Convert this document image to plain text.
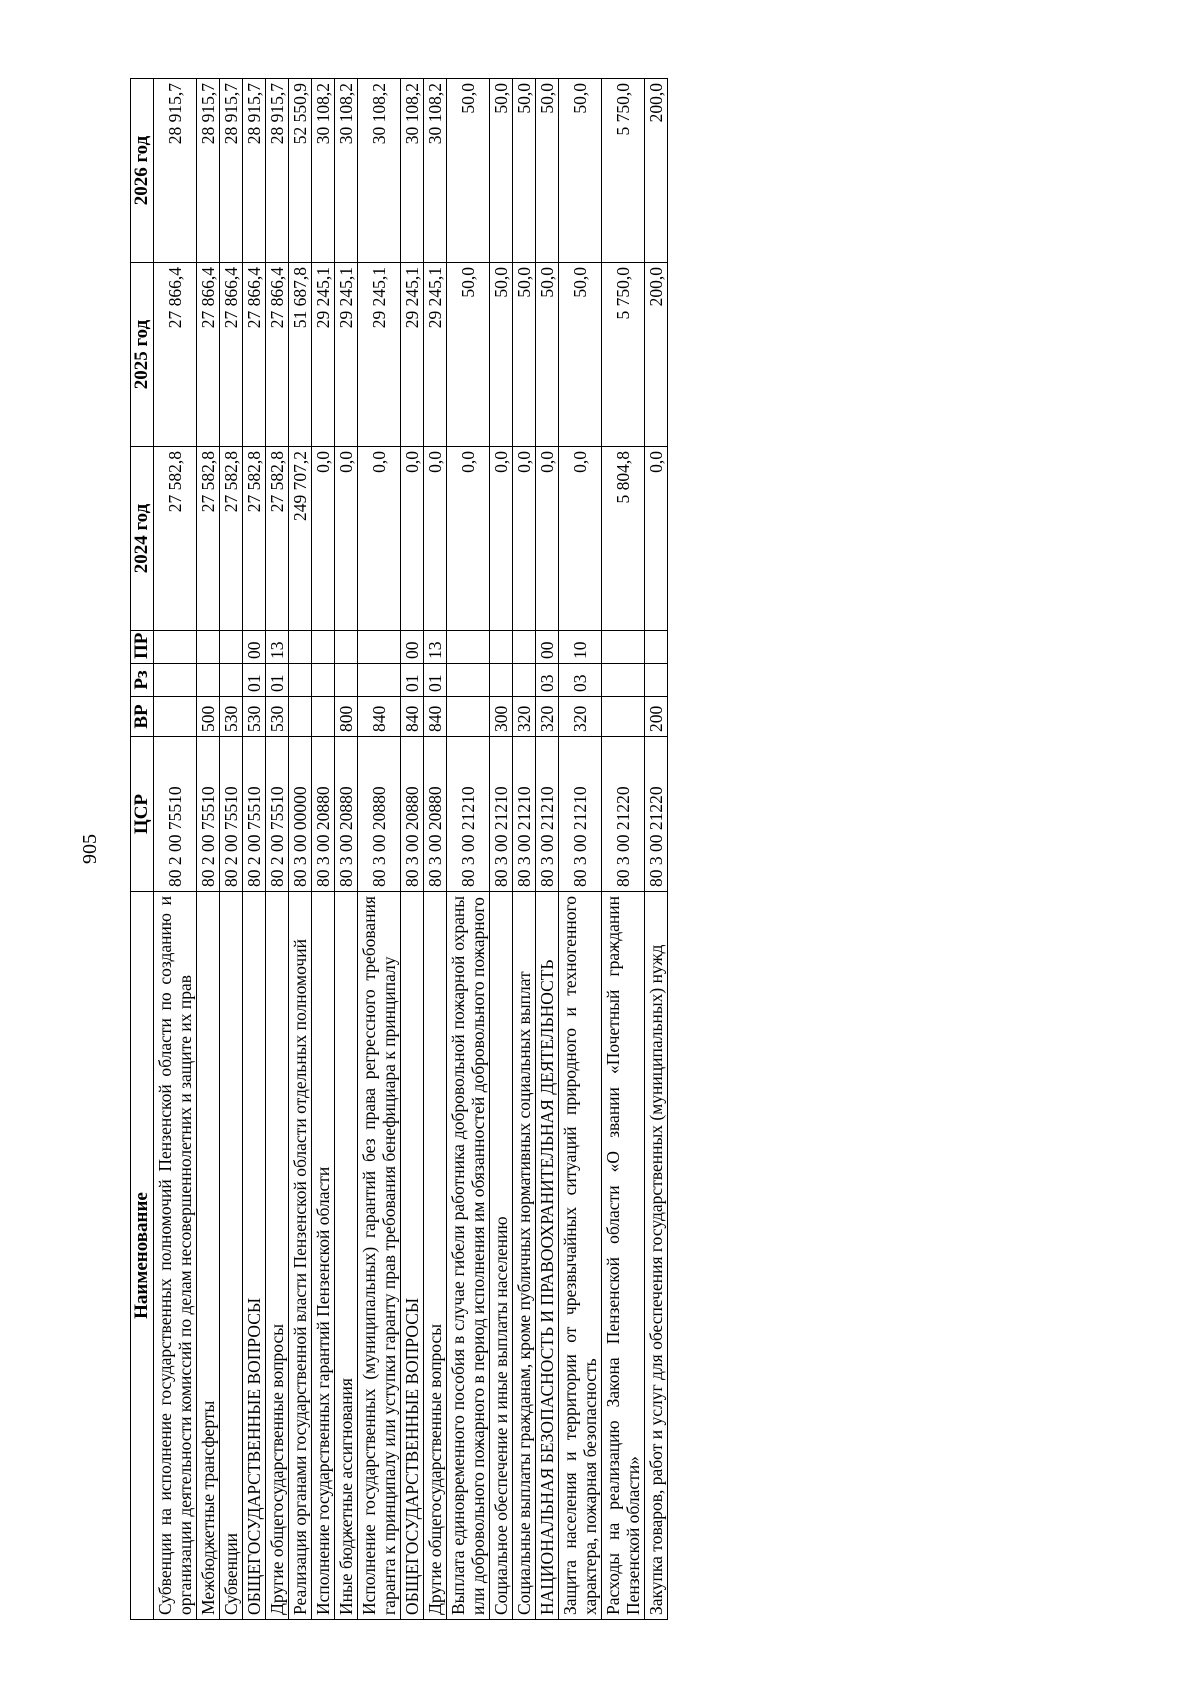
905
Наименование	ЦСР	ВР	Рз	ПР	2024 год	2025 год	2026 год
Субвенции на исполнение государственных полномочий Пензенской области по созданию и организации деятельности комиссий по делам несовершеннолетних и защите их прав	80 2 00 75510				27 582,8	27 866,4	28 915,7
Межбюджетные трансферты	80 2 00 75510	500			27 582,8	27 866,4	28 915,7
Субвенции	80 2 00 75510	530			27 582,8	27 866,4	28 915,7
ОБЩЕГОСУДАРСТВЕННЫЕ ВОПРОСЫ	80 2 00 75510	530	01	00	27 582,8	27 866,4	28 915,7
Другие общегосударственные вопросы	80 2 00 75510	530	01	13	27 582,8	27 866,4	28 915,7
Реализация органами государственной власти Пензенской области отдельных полномочий	80 3 00 00000				249 707,2	51 687,8	52 550,9
Исполнение государственных гарантий Пензенской области	80 3 00 20880				0,0	29 245,1	30 108,2
Иные бюджетные ассигнования	80 3 00 20880	800			0,0	29 245,1	30 108,2
Исполнение государственных (муниципальных) гарантий без права регрессного требования гаранта к принципалу или уступки гаранту прав требования бенефициара к принципалу	80 3 00 20880	840			0,0	29 245,1	30 108,2
ОБЩЕГОСУДАРСТВЕННЫЕ ВОПРОСЫ	80 3 00 20880	840	01	00	0,0	29 245,1	30 108,2
Другие общегосударственные вопросы	80 3 00 20880	840	01	13	0,0	29 245,1	30 108,2
Выплата единовременного пособия в случае гибели работника добровольной пожарной охраны или добровольного пожарного в период исполнения им обязанностей добровольного пожарного	80 3 00 21210				0,0	50,0	50,0
Социальное обеспечение и иные выплаты населению	80 3 00 21210	300			0,0	50,0	50,0
Социальные выплаты гражданам, кроме публичных нормативных социальных выплат	80 3 00 21210	320			0,0	50,0	50,0
НАЦИОНАЛЬНАЯ БЕЗОПАСНОСТЬ И ПРАВООХРАНИТЕЛЬНАЯ ДЕЯТЕЛЬНОСТЬ	80 3 00 21210	320	03	00	0,0	50,0	50,0
Защита населения и территории от чрезвычайных ситуаций природного и техногенного характера, пожарная безопасность	80 3 00 21210	320	03	10	0,0	50,0	50,0
Расходы на реализацию Закона Пензенской области «О звании «Почетный гражданин Пензенской области»	80 3 00 21220				5 804,8	5 750,0	5 750,0
Закупка товаров, работ и услуг для обеспечения государственных (муниципальных) нужд	80 3 00 21220	200			0,0	200,0	200,0
